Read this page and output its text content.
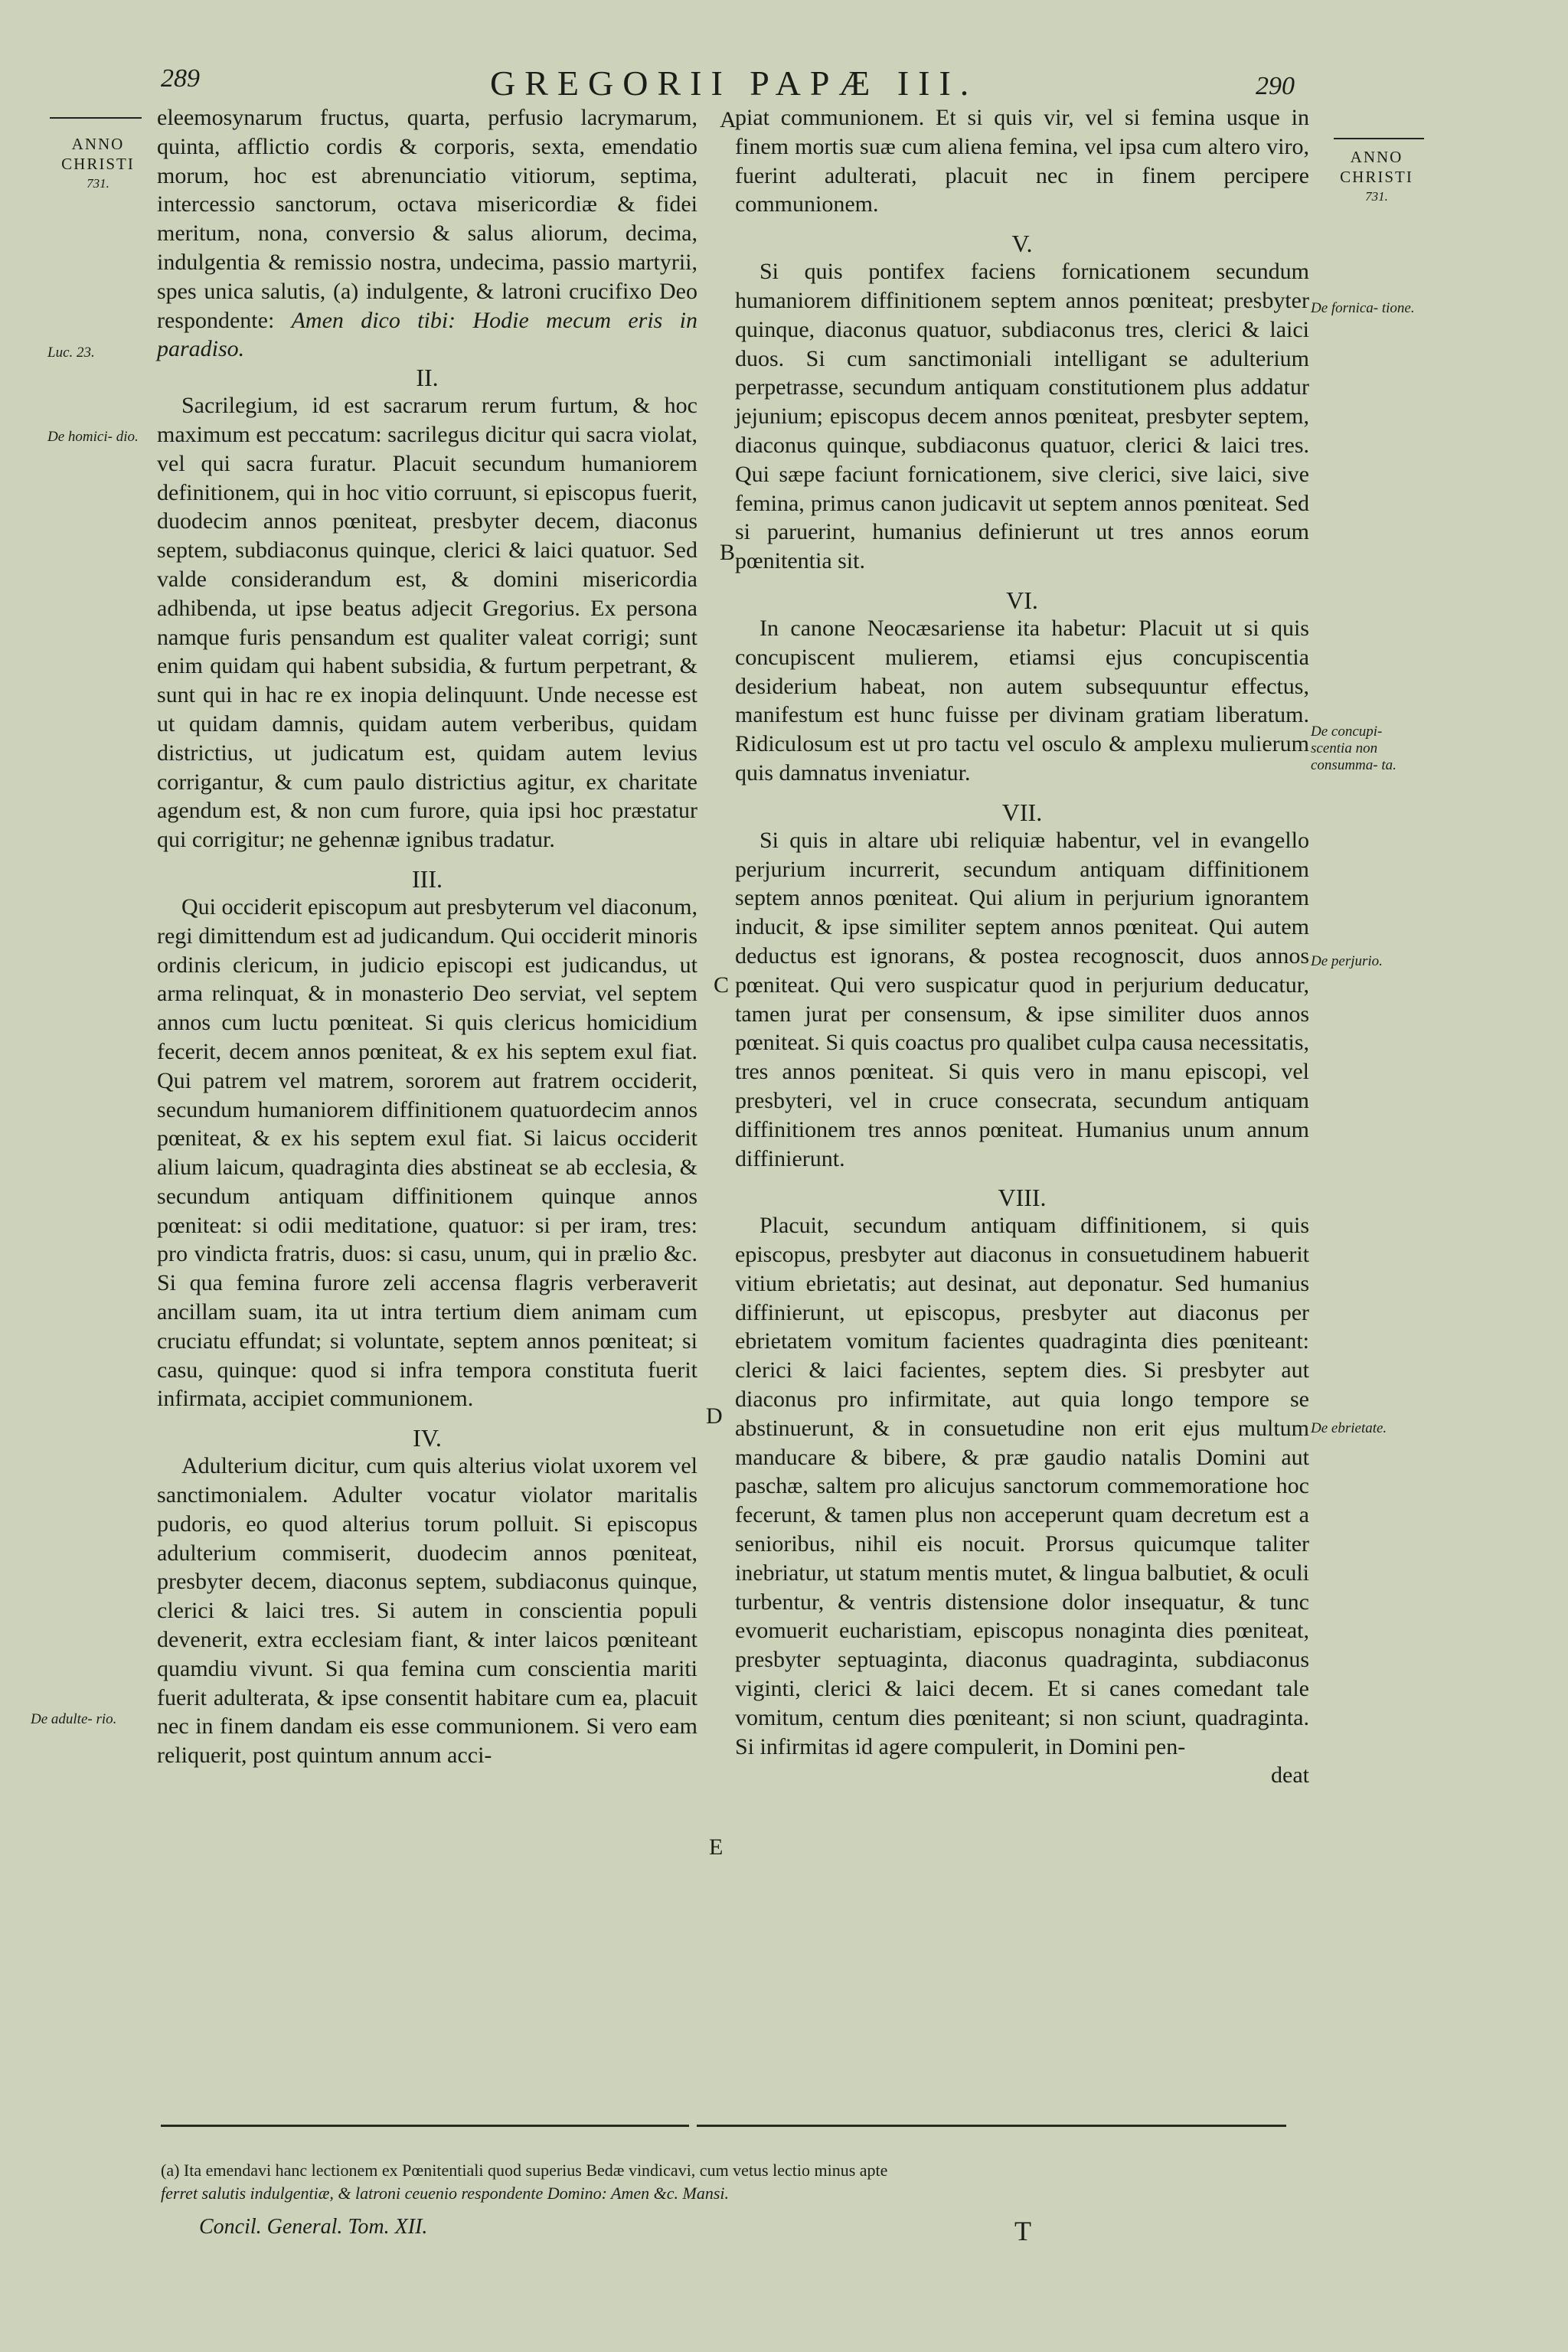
289	GREGORII PAPÆ III.	290
ANNO
CHRISTI
731.
ANNO
CHRISTI
731.
Luc. 23.
De homici- dio.
De adulte- rio.
De fornica- tione.
De concupi- scentia non consumma- ta.
De perjurio.
De ebrietate.
A
B
C
D
E

eleemosynarum fructus, quarta, perfusio lacrymarum, quinta, afflictio cordis & corporis, sexta, emendatio morum, hoc est abrenunciatio vitiorum, septima, intercessio sanctorum, octava misericordiæ & fidei meritum, nona, conversio & salus aliorum, decima, indulgentia & remissio nostra, undecima, passio martyrii, spes unica salutis, (a) indulgente, & latroni crucifixo Deo respondente: Amen dico tibi: Hodie mecum eris in paradiso.

II.

Sacrilegium, id est sacrarum rerum furtum, & hoc maximum est peccatum: sacrilegus dicitur qui sacra violat, vel qui sacra furatur. Placuit secundum humaniorem definitionem, qui in hoc vitio corruunt, si episcopus fuerit, duodecim annos pœniteat, presbyter decem, diaconus septem, subdiaconus quinque, clerici & laici quatuor. Sed valde considerandum est, & domini misericordia adhibenda, ut ipse beatus adjecit Gregorius. Ex persona namque furis pensandum est qualiter valeat corrigi; sunt enim quidam qui habent subsidia, & furtum perpetrant, & sunt qui in hac re ex inopia delinquunt. Unde necesse est ut quidam damnis, quidam autem verberibus, quidam districtius, ut judicatum est, quidam autem levius corrigantur, & cum paulo districtius agitur, ex charitate agendum est, & non cum furore, quia ipsi hoc præstatur qui corrigitur; ne gehennæ ignibus tradatur.

III.

Qui occiderit episcopum aut presbyterum vel diaconum, regi dimittendum est ad judicandum. Qui occiderit minoris ordinis clericum, in judicio episcopi est judicandus, ut arma relinquat, & in monasterio Deo serviat, vel septem annos cum luctu pœniteat. Si quis clericus homicidium fecerit, decem annos pœniteat, & ex his septem exul fiat. Qui patrem vel matrem, sororem aut fratrem occiderit, secundum humaniorem diffinitionem quatuordecim annos pœniteat, & ex his septem exul fiat. Si laicus occiderit alium laicum, quadraginta dies abstineat se ab ecclesia, & secundum antiquam diffinitionem quinque annos pœniteat: si odii meditatione, quatuor: si per iram, tres: pro vindicta fratris, duos: si casu, unum, qui in prælio &c. Si qua femina furore zeli accensa flagris verberaverit ancillam suam, ita ut intra tertium diem animam cum cruciatu effundat; si voluntate, septem annos pœniteat; si casu, quinque: quod si infra tempora constituta fuerit infirmata, accipiet communionem.

IV.

Adulterium dicitur, cum quis alterius violat uxorem vel sanctimonialem. Adulter vocatur violator maritalis pudoris, eo quod alterius torum polluit. Si episcopus adulterium commiserit, duodecim annos pœniteat, presbyter decem, diaconus septem, subdiaconus quinque, clerici & laici tres. Si autem in conscientia populi devenerit, extra ecclesiam fiant, & inter laicos pœniteant quamdiu vivunt. Si qua femina cum conscientia mariti fuerit adulterata, & ipse consentit habitare cum ea, placuit nec in finem dandam eis esse communionem. Si vero eam reliquerit, post quintum annum acci-

piat communionem. Et si quis vir, vel si femina usque in finem mortis suæ cum aliena femina, vel ipsa cum altero viro, fuerint adulterati, placuit nec in finem percipere communionem.

V.

Si quis pontifex faciens fornicationem secundum humaniorem diffinitionem septem annos pœniteat; presbyter quinque, diaconus quatuor, subdiaconus tres, clerici & laici duos. Si cum sanctimoniali intelligant se adulterium perpetrasse, secundum antiquam constitutionem plus addatur jejunium; episcopus decem annos pœniteat, presbyter septem, diaconus quinque, subdiaconus quatuor, clerici & laici tres. Qui sæpe faciunt fornicationem, sive clerici, sive laici, sive femina, primus canon judicavit ut septem annos pœniteat. Sed si paruerint, humanius definierunt ut tres annos eorum pœnitentia sit.

VI.

In canone Neocæsariense ita habetur: Placuit ut si quis concupiscent mulierem, etiamsi ejus concupiscentia desiderium habeat, non autem subsequuntur effectus, manifestum est hunc fuisse per divinam gratiam liberatum. Ridiculosum est ut pro tactu vel osculo & amplexu mulierum quis damnatus inveniatur.

VII.

Si quis in altare ubi reliquiæ habentur, vel in evangello perjurium incurrerit, secundum antiquam diffinitionem septem annos pœniteat. Qui alium in perjurium ignorantem inducit, & ipse similiter septem annos pœniteat. Qui autem deductus est ignorans, & postea recognoscit, duos annos pœniteat. Qui vero suspicatur quod in perjurium deducatur, tamen jurat per consensum, & ipse similiter duos annos pœniteat. Si quis coactus pro qualibet culpa causa necessitatis, tres annos pœniteat. Si quis vero in manu episcopi, vel presbyteri, vel in cruce consecrata, secundum antiquam diffinitionem tres annos pœniteat. Humanius unum annum diffinierunt.

VIII.

Placuit, secundum antiquam diffinitionem, si quis episcopus, presbyter aut diaconus in consuetudinem habuerit vitium ebrietatis; aut desinat, aut deponatur. Sed humanius diffinierunt, ut episcopus, presbyter aut diaconus per ebrietatem vomitum facientes quadraginta dies pœniteant: clerici & laici facientes, septem dies. Si presbyter aut diaconus pro infirmitate, aut quia longo tempore se abstinuerunt, & in consuetudine non erit ejus multum manducare & bibere, & præ gaudio natalis Domini aut paschæ, saltem pro alicujus sanctorum commemoratione hoc fecerunt, & tamen plus non acceperunt quam decretum est a senioribus, nihil eis nocuit. Prorsus quicumque taliter inebriatur, ut statum mentis mutet, & lingua balbutiet, & oculi turbentur, & ventris distensione dolor insequatur, & tunc evomuerit eucharistiam, episcopus nonaginta dies pœniteat, presbyter septuaginta, diaconus quadraginta, subdiaconus viginti, clerici & laici decem. Et si canes comedant tale vomitum, centum dies pœniteant; si non sciunt, quadraginta. Si infirmitas id agere compulerit, in Domini pen-

deat

(a) Ita emendavi hanc lectionem ex Pœnitentiali quod superius Bedæ vindicavi, cum vetus lectio minus apte
ferret salutis indulgentiæ, & latroni ceuenio respondente Domino: Amen &c. Mansi.
Concil. General. Tom. XII.	T
